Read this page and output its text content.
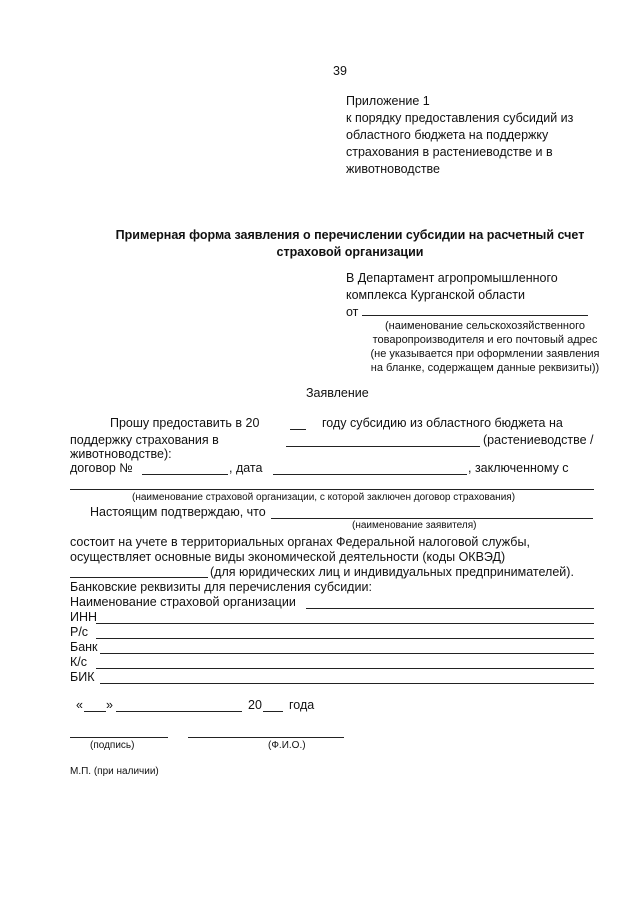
39
Приложение 1
к порядку предоставления субсидий из
областного бюджета на поддержку
страхования в растениеводстве и в
животноводстве
Примерная форма заявления о перечислении субсидии на расчетный счет
страховой организации
В Департамент агропромышленного
комплекса Курганской области
от
(наименование сельскохозяйственного
товаропроизводителя и его почтовый адрес
(не указывается при оформлении заявления
на бланке, содержащем данные реквизиты))
Заявление
Прошу предоставить в 20	году субсидию из областного бюджета на
поддержку страхования в	(растениеводстве /
животноводстве):
договор №	, дата	, заключенному с
(наименование страховой организации, с которой заключен договор страхования)
Настоящим подтверждаю, что
(наименование заявителя)
состоит на учете в территориальных органах Федеральной налоговой службы,
осуществляет основные виды экономической деятельности (коды ОКВЭД)
(для юридических лиц и индивидуальных предпринимателей).
Банковские реквизиты для перечисления субсидии:
Наименование страховой организации
ИНН
Р/с
Банк
К/с
БИК
« »	20 года
(подпись)	(Ф.И.О.)
М.П. (при наличии)
